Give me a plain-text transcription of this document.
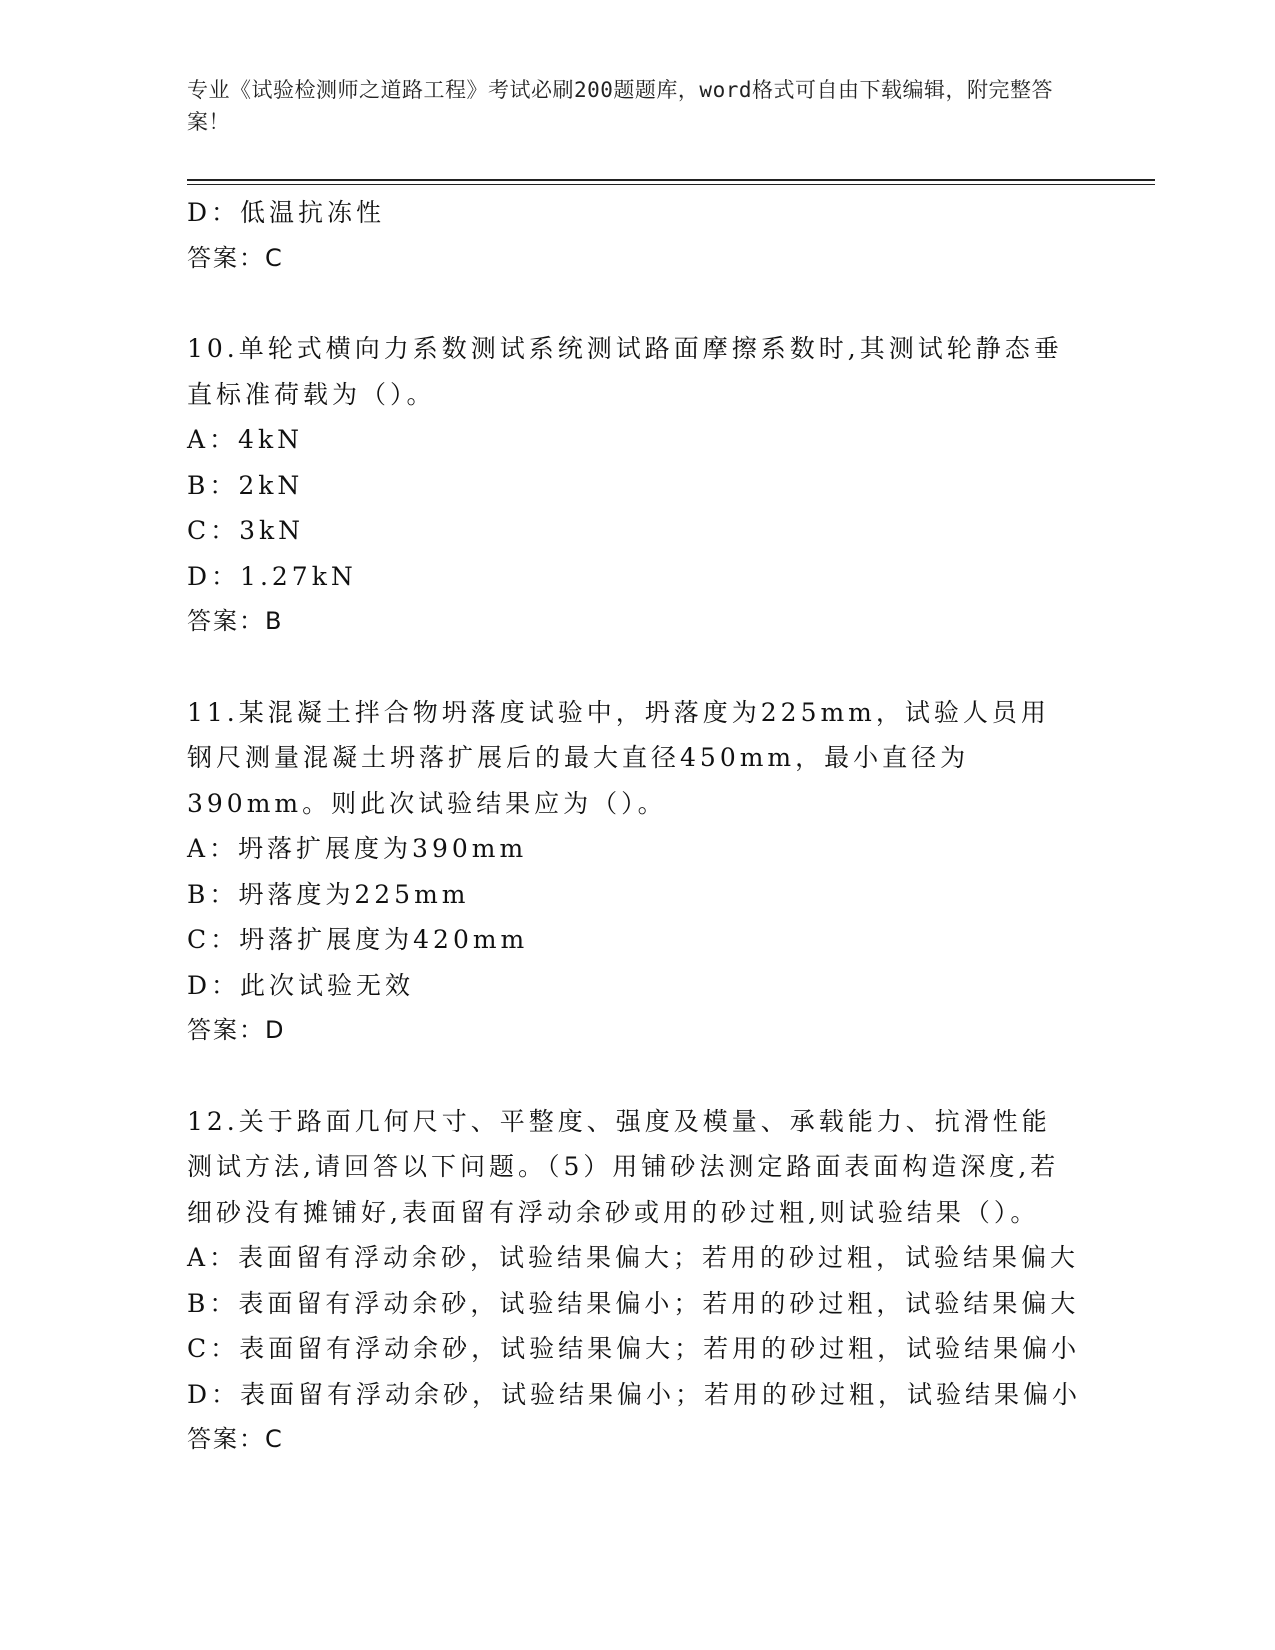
专业《试验检测师之道路工程》考试必刷200题题库，word格式可自由下载编辑，附完整答案！
D：低温抗冻性
答案：C
10.单轮式横向力系数测试系统测试路面摩擦系数时,其测试轮静态垂直标准荷载为（）。
A：4kN
B：2kN
C：3kN
D：1.27kN
答案：B
11.某混凝土拌合物坍落度试验中，坍落度为225mm，试验人员用钢尺测量混凝土坍落扩展后的最大直径450mm，最小直径为390mm。则此次试验结果应为（）。
A：坍落扩展度为390mm
B：坍落度为225mm
C：坍落扩展度为420mm
D：此次试验无效
答案：D
12.关于路面几何尺寸、平整度、强度及模量、承载能力、抗滑性能测试方法,请回答以下问题。（5）用铺砂法测定路面表面构造深度,若细砂没有摊铺好,表面留有浮动余砂或用的砂过粗,则试验结果（）。
A：表面留有浮动余砂，试验结果偏大；若用的砂过粗，试验结果偏大
B：表面留有浮动余砂，试验结果偏小；若用的砂过粗，试验结果偏大
C：表面留有浮动余砂，试验结果偏大；若用的砂过粗，试验结果偏小
D：表面留有浮动余砂，试验结果偏小；若用的砂过粗，试验结果偏小
答案：C
